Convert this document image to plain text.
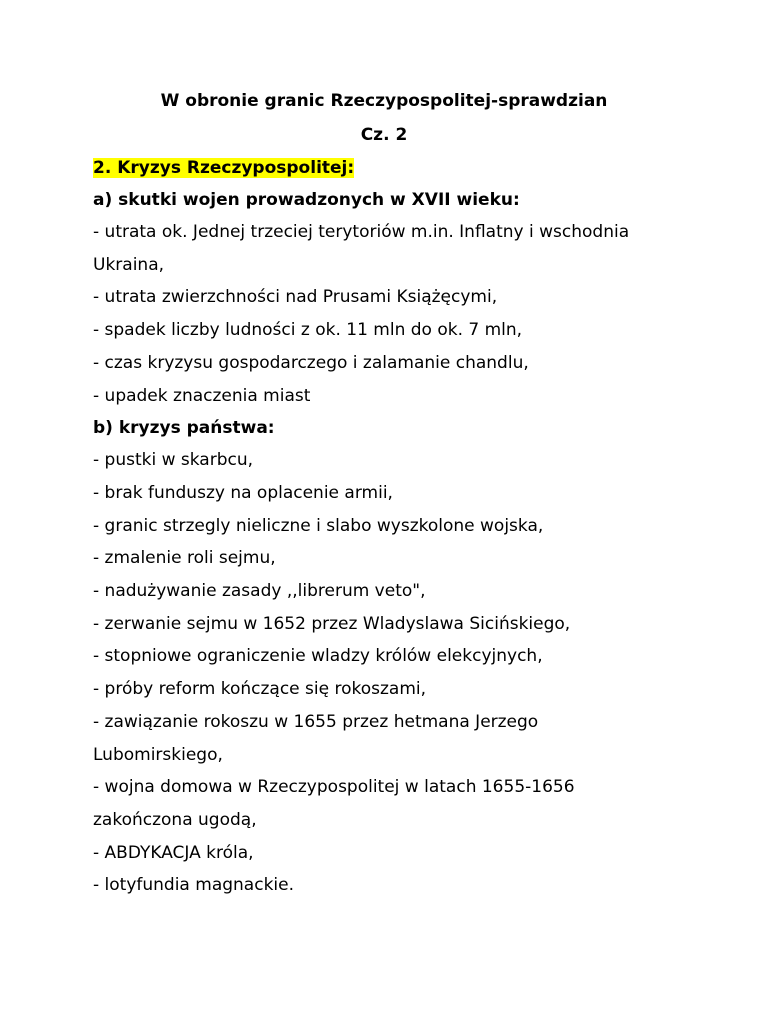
W obronie granic Rzeczypospolitej-sprawdzian
Cz. 2
2. Kryzys Rzeczypospolitej:
a) skutki wojen prowadzonych w XVII wieku:
- utrata ok. Jednej trzeciej terytoriów m.in. Inflatny i wschodnia
Ukraina,
- utrata zwierzchności nad Prusami Książęcymi,
- spadek liczby ludności z ok. 11 mln do ok. 7 mln,
- czas kryzysu gospodarczego i zalamanie chandlu,
- upadek znaczenia miast
b) kryzys państwa:
- pustki w skarbcu,
- brak funduszy na oplacenie armii,
- granic strzegly nieliczne i slabo wyszkolone wojska,
- zmalenie roli sejmu,
- nadużywanie zasady ,,librerum veto",
- zerwanie sejmu w 1652 przez Wladyslawa Sicińskiego,
- stopniowe ograniczenie wladzy królów elekcyjnych,
- próby reform kończące się rokoszami,
- zawiązanie rokoszu w 1655 przez hetmana Jerzego
Lubomirskiego,
- wojna domowa w Rzeczypospolitej w latach 1655-1656
zakończona ugodą,
- ABDYKACJA króla,
- lotyfundia magnackie.
